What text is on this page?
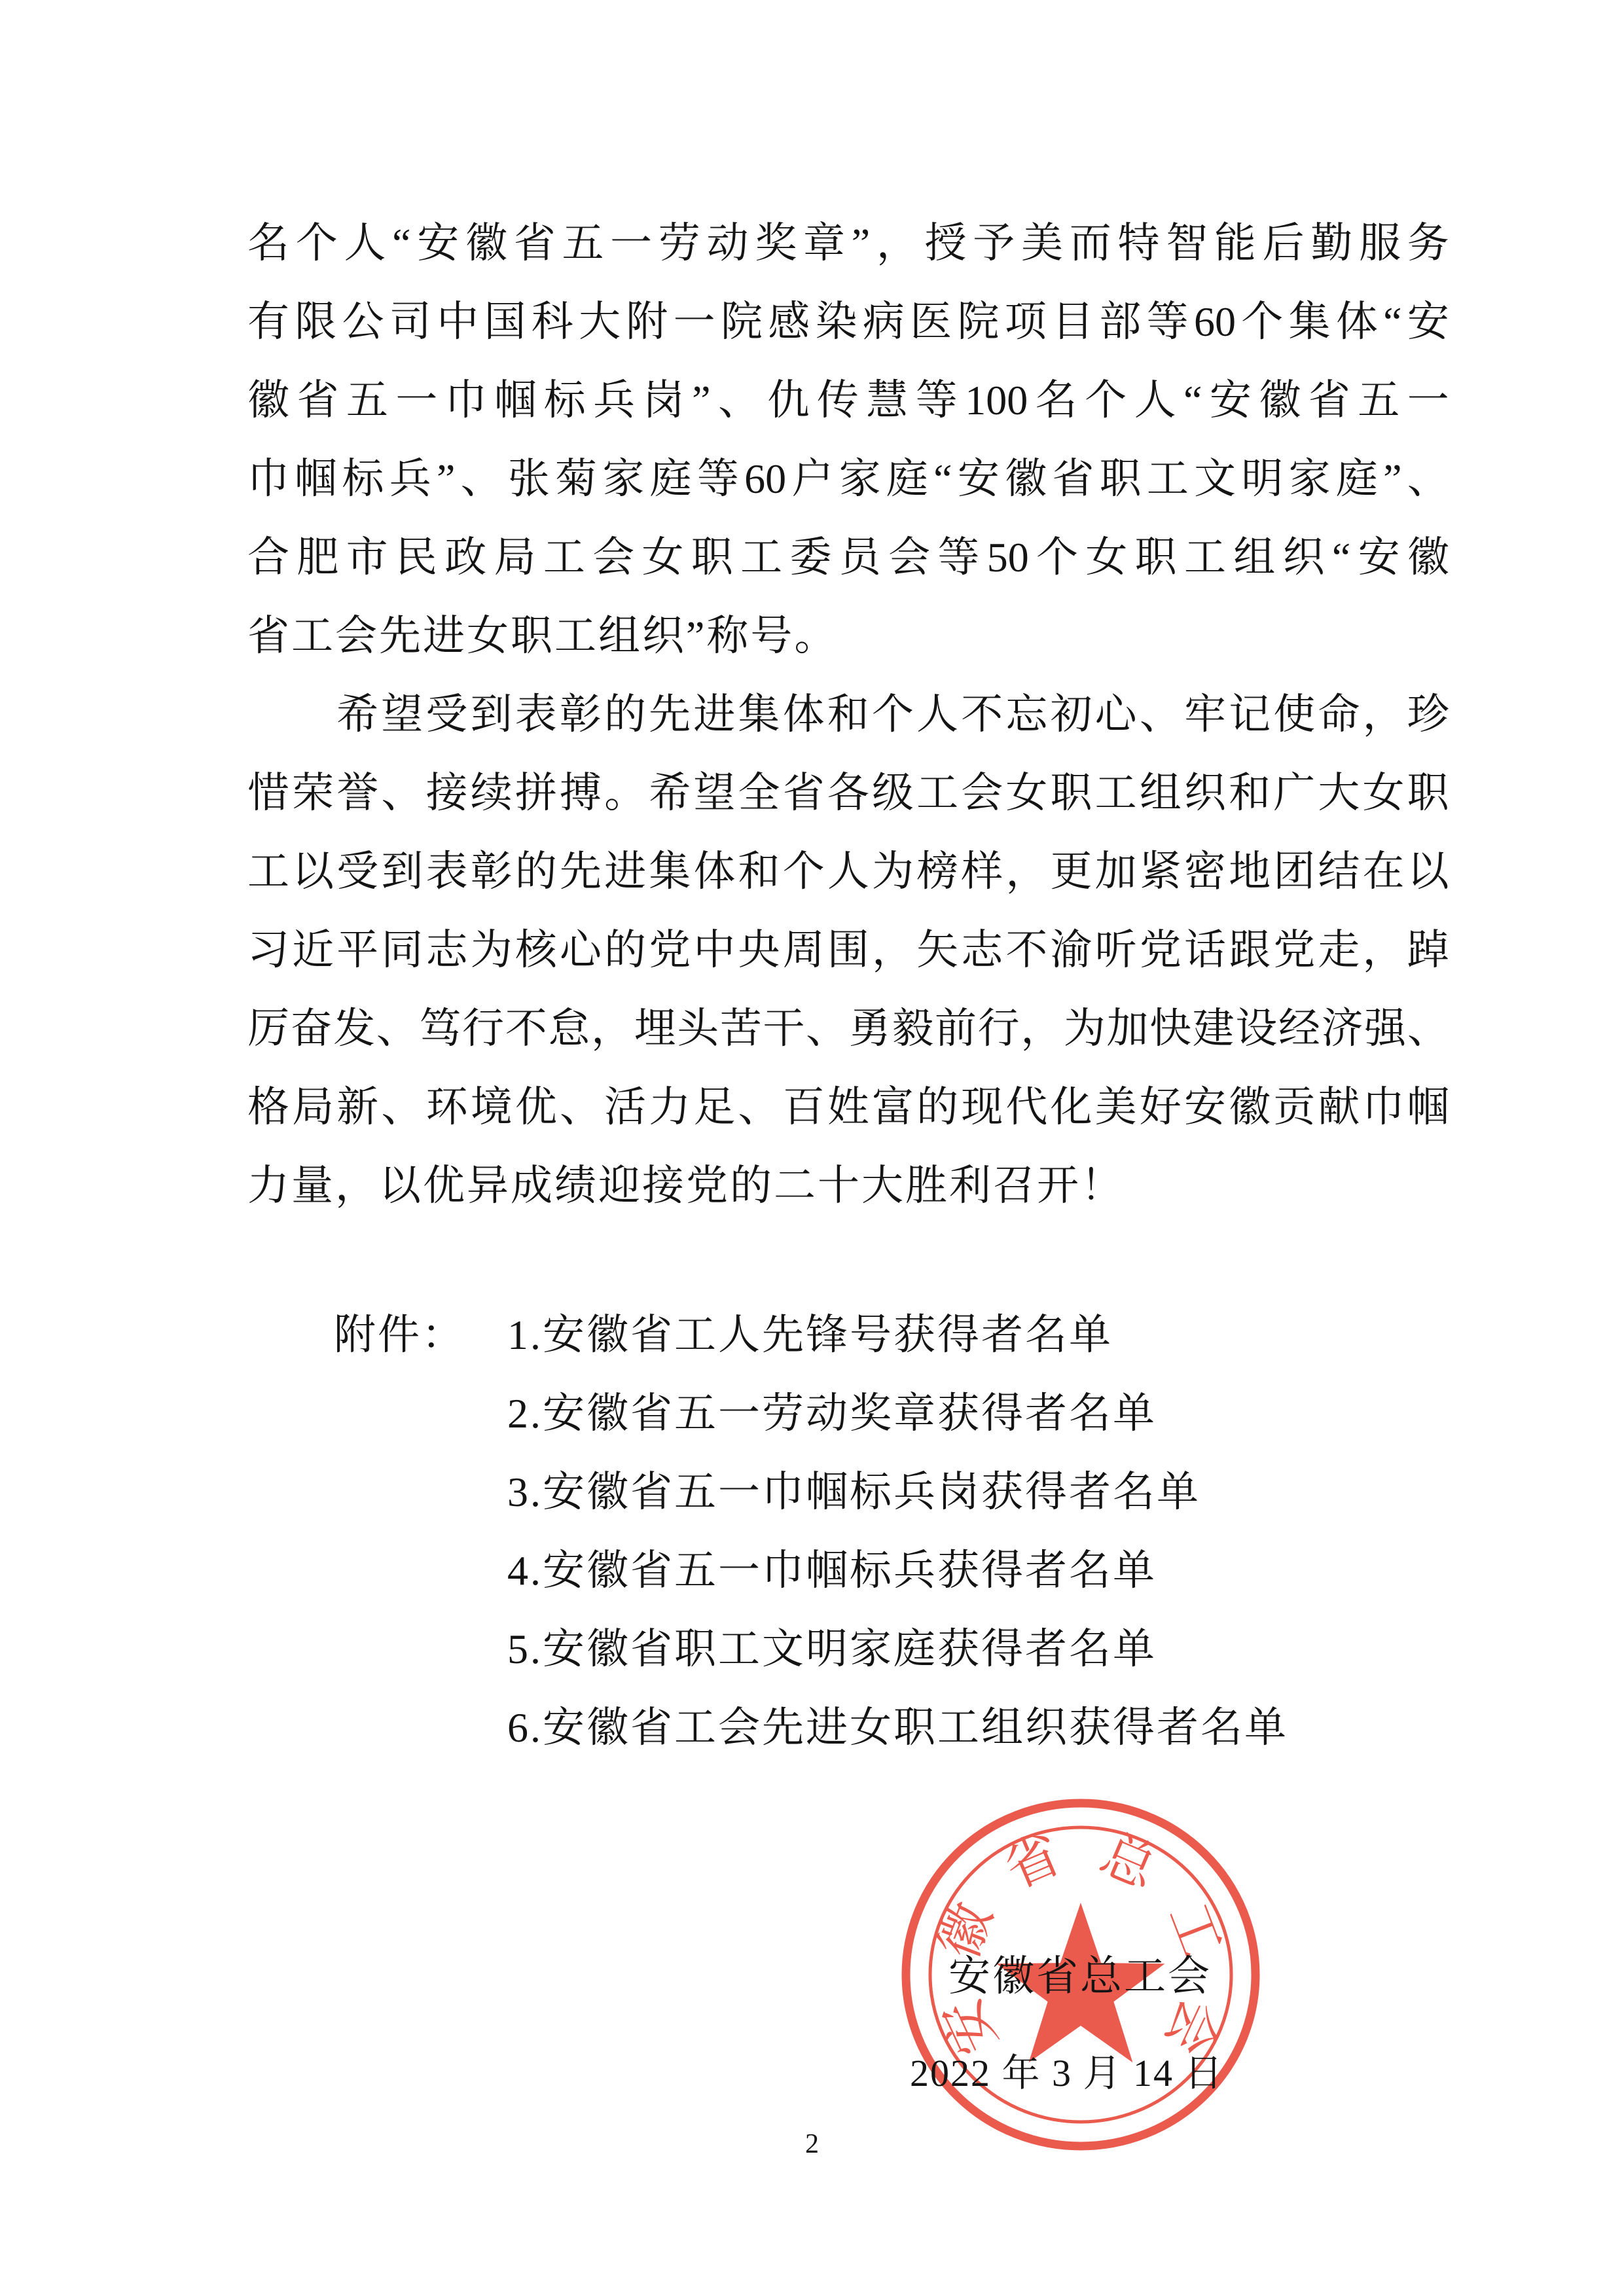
安
徽
省 总
工
会
名 个 人 “ 安 徽 省 五 一 劳 动 奖 章 ” ， 授 予 美 而 特 智 能 后 勤 服 务
有 限 公 司 中 国 科 大 附 一 院 感 染 病 医 院 项 目 部 等 60 个 集 体 “ 安
徽 省 五 一 巾 帼 标 兵 岗 ” 、 仇 传 慧 等 100 名 个 人 “ 安 徽 省 五 一
巾 帼 标 兵 ” 、 张 菊 家 庭 等 60 户 家 庭 “ 安 徽 省 职 工 文 明 家 庭 ” 、
合 肥 市 民 政 局 工 会 女 职 工 委 员 会 等 50 个 女 职 工 组 织 “ 安 徽
省工会先进女职工组织”称号。
希 望 受 到 表 彰 的 先 进 集 体 和 个 人 不 忘 初 心 、 牢 记 使 命 ， 珍
惜 荣 誉 、 接 续 拼 搏 。 希 望 全 省 各 级 工 会 女 职 工 组 织 和 广 大 女 职
工 以 受 到 表 彰 的 先 进 集 体 和 个 人 为 榜 样 ， 更 加 紧 密 地 团 结 在 以
习 近 平 同 志 为 核 心 的 党 中 央 周 围 ， 矢 志 不 渝 听 党 话 跟 党 走 ， 踔
厉 奋 发 、 笃 行 不 怠 ， 埋 头 苦 干 、 勇 毅 前 行 ， 为 加 快 建 设 经 济 强 、
格 局 新 、 环 境 优 、 活 力 足 、 百 姓 富 的 现 代 化 美 好 安 徽 贡 献 巾 帼
力量，以优异成绩迎接党的二十大胜利召开！
附件： 1.安徽省工人先锋号获得者名单
2.安徽省五一劳动奖章获得者名单
3.安徽省五一巾帼标兵岗获得者名单
4.安徽省五一巾帼标兵获得者名单
5.安徽省职工文明家庭获得者名单
6.安徽省工会先进女职工组织获得者名单
安徽省总工会
2022 年 3 月 14 日
2
